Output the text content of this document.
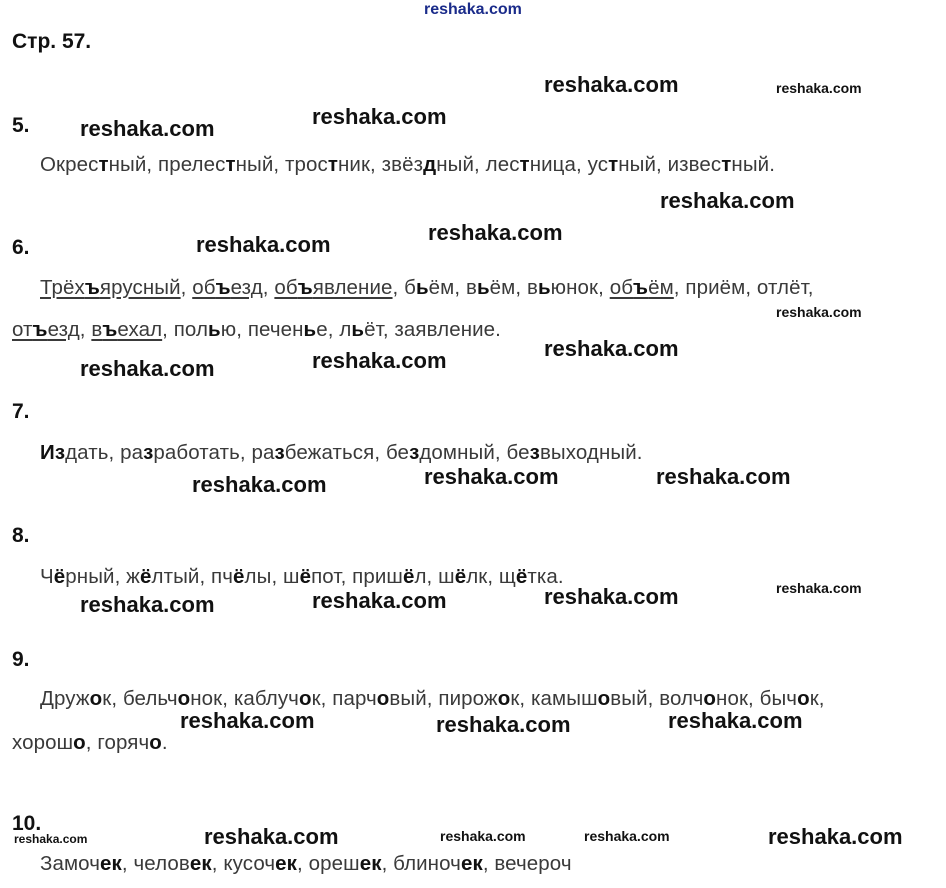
reshaka.com
Стр. 57.
reshaka.com	reshaka.com
reshaka.com
reshaka.com
reshaka.com
reshaka.com
reshaka.com
reshaka.com
reshaka.com
reshaka.com
reshaka.com
reshaka.com	reshaka.com
reshaka.com
reshaka.com
reshaka.com
reshaka.com
reshaka.com
reshaka.com	reshaka.com
reshaka.com
reshaka.com	reshaka.com
reshaka.com	reshaka.com
reshaka.com
5.
Окрестный, прелестный, тростник, звёздный, лестница, устный, известный.
6.
Трёхъярусный, объезд, объявление, бьём, вьём, вьюнок, объём, приём, отлёт,
отъезд, въехал, полью, печенье, льёт, заявление.
7.
Издать, разработать, разбежаться, бездомный, безвыходный.
8.
Чёрный, жёлтый, пчёлы, шёпот, пришёл, шёлк, щётка.
9.
Дружок, бельчонок, каблучок, парчовый, пирожок, камышовый, волчонок, бычок,
хорошо, горячо.
10.
Замочек, человек, кусочек, орешек, блиночек, вечероч
